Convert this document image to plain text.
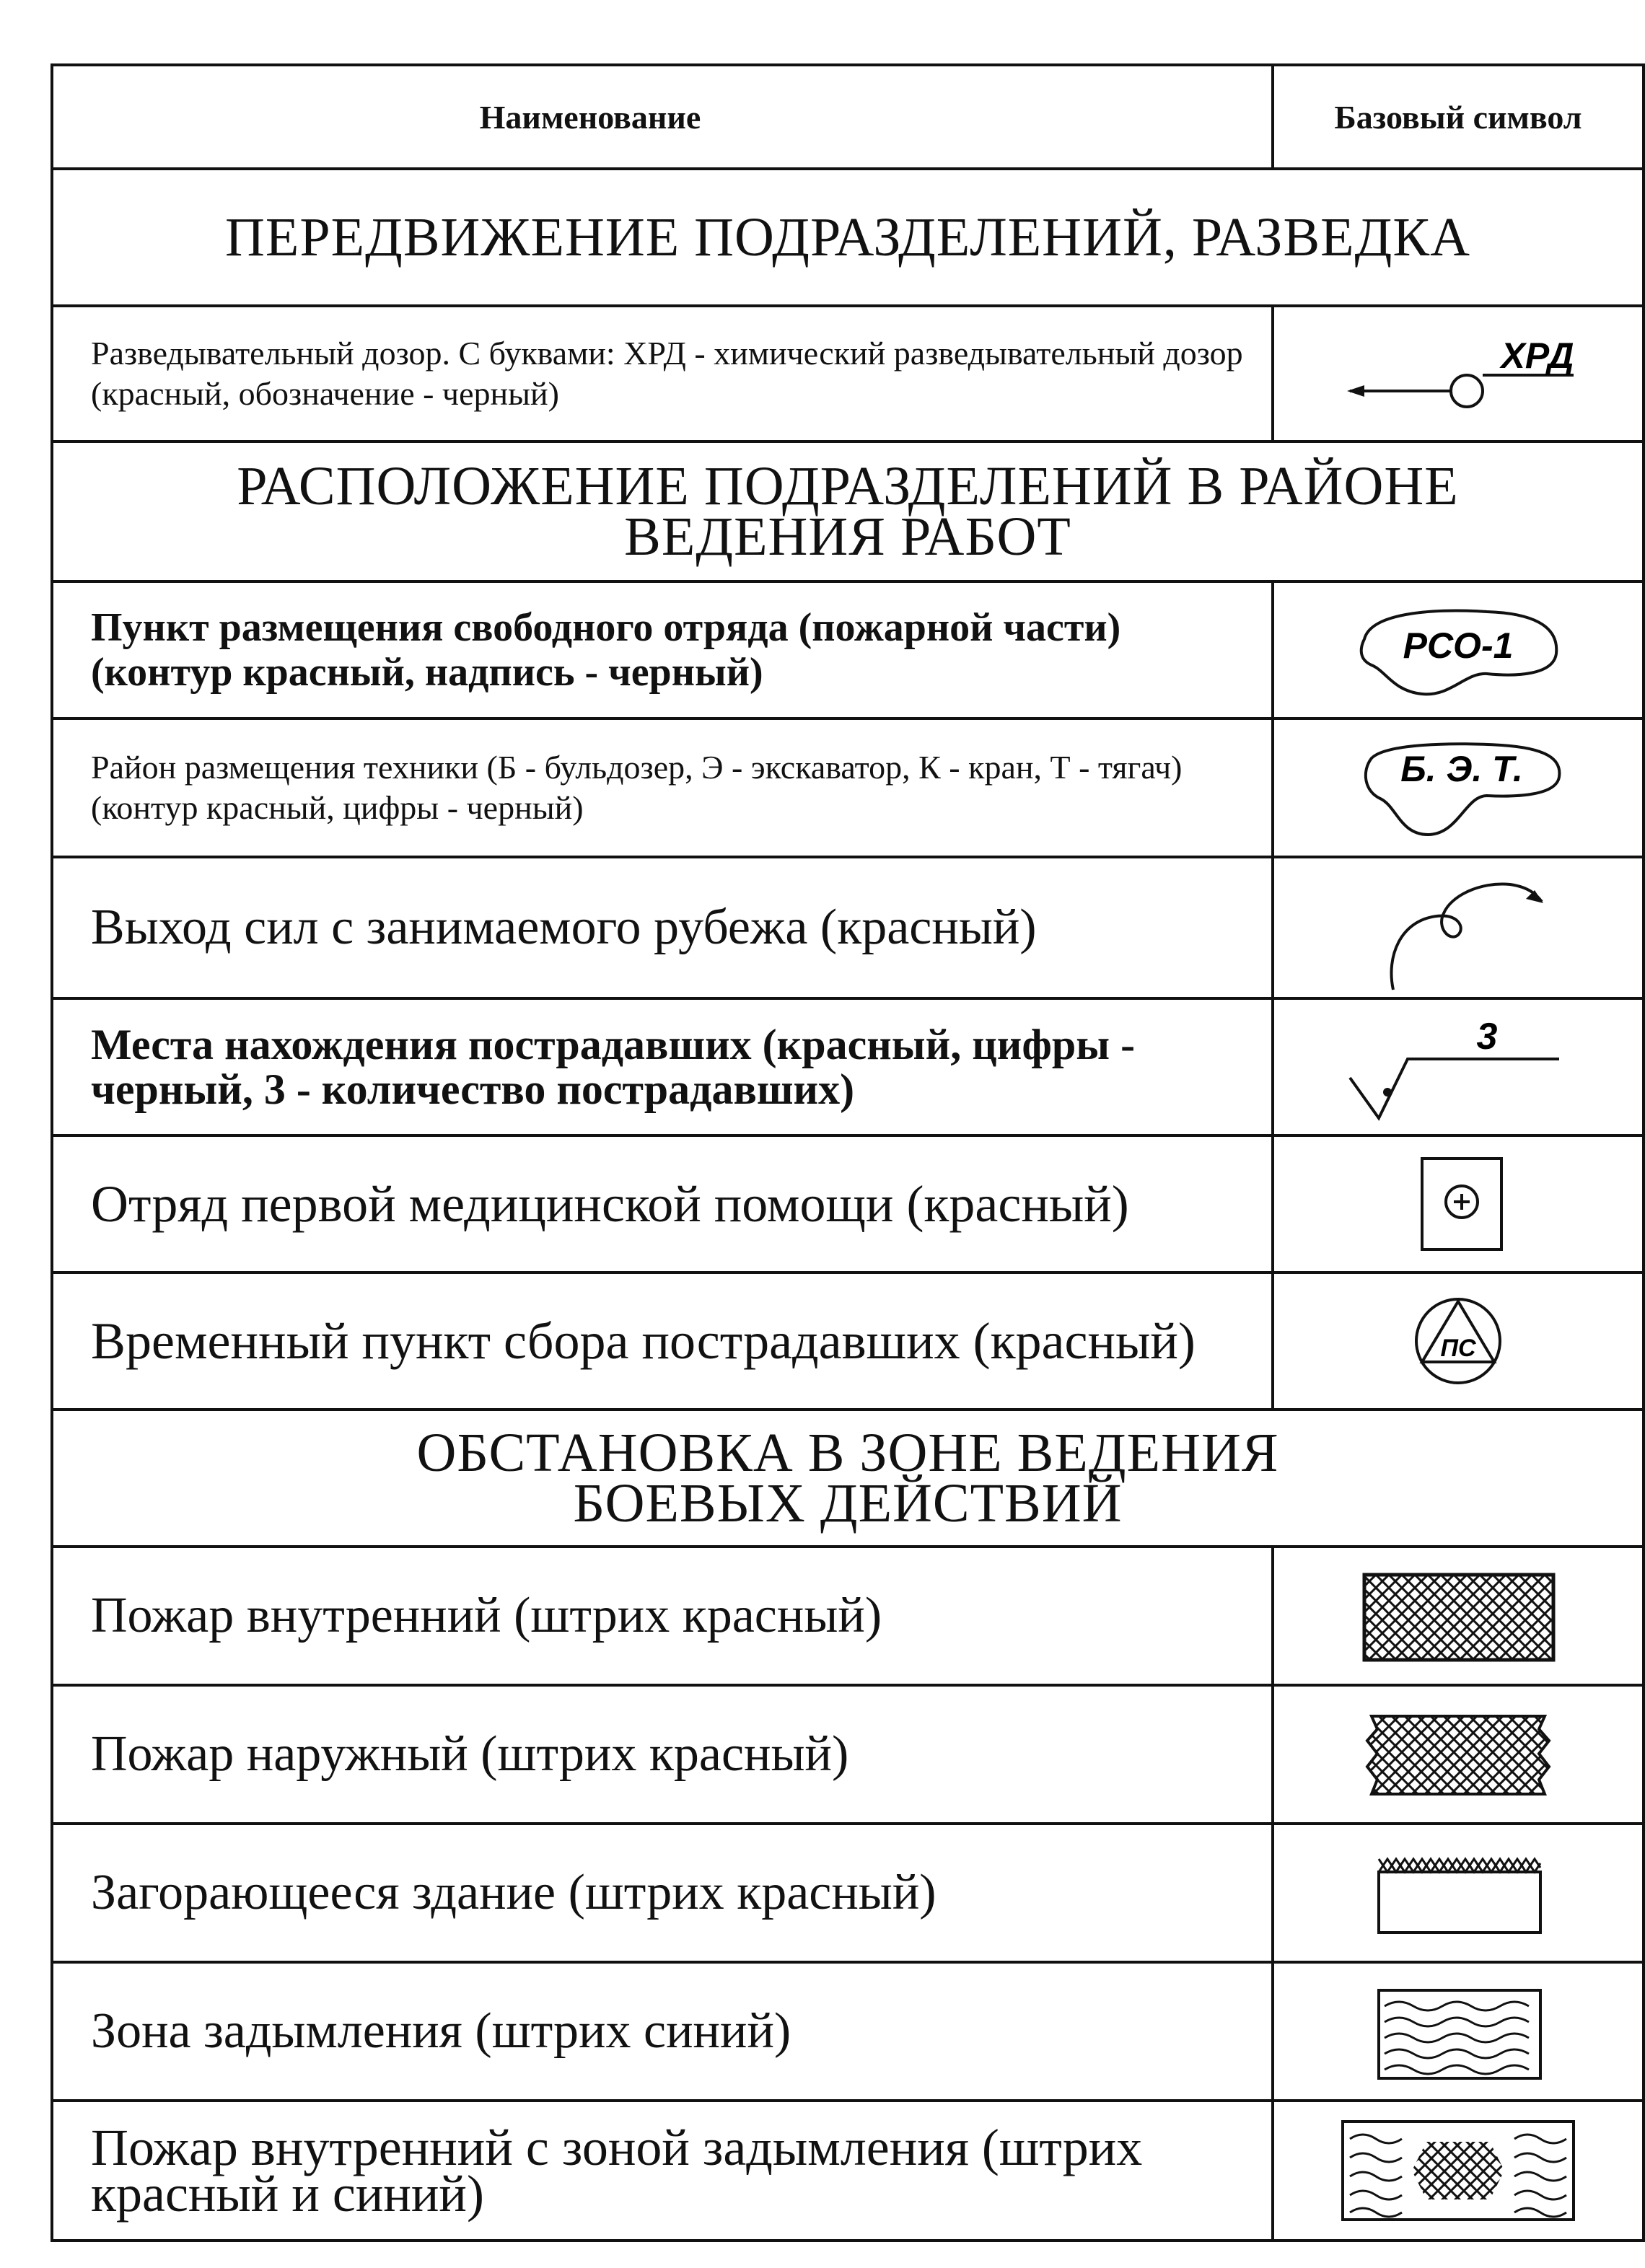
Наименование	Базовый символ
ПЕРЕДВИЖЕНИЕ ПОДРАЗДЕЛЕНИЙ, РАЗВЕДКА	

Разведывательный дозор. С буквами: ХРД - химический разведывательный дозор (красный, обозначение - черный)	ХРД

РАСПОЛОЖЕНИЕ ПОДРАЗДЕЛЕНИЙ В РАЙОНЕ
ВЕДЕНИЯ РАБОТ	

Пункт размещения свободного отряда (пожарной части) (контур красный, надпись - черный)	РСО-1

Район размещения техники (Б - бульдозер, Э - экскаватор, К - кран, Т - тягач)(контур красный, цифры - черный)	Б. Э. Т.

Выход сил с занимаемого рубежа (красный)

Места нахождения пострадавших (красный, цифры - черный, 3 - количество пострадавших)	3

Отряд первой медицинской помощи (красный)

Временный пункт сбора пострадавших (красный)	ПС

ОБСТАНОВКА В ЗОНЕ ВЕДЕНИЯ
БОЕВЫХ ДЕЙСТВИЙ	

Пожар внутренний (штрих красный)

Пожар наружный (штрих красный)

Загорающееся здание (штрих красный)

Зона задымления (штрих синий)

Пожар внутренний с зоной задымления (штрих красный и синий)
